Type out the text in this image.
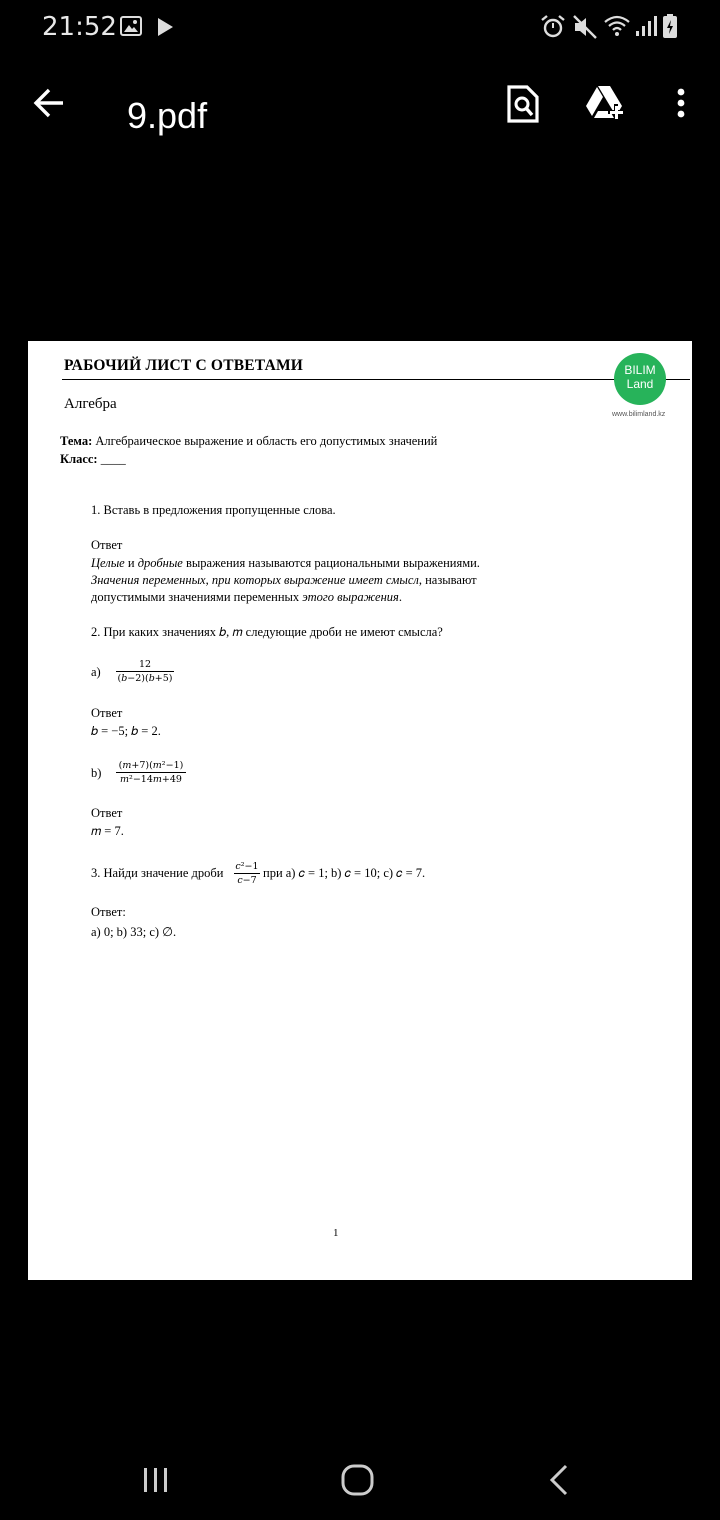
21:52
9.pdf
РАБОЧИЙ ЛИСТ С ОТВЕТАМИ	BILIM
Land
www.bilimland.kz
Алгебра
Тема: Алгебраическое выражение и область его допустимых значений
Класс: ____
1. Вставь в предложения пропущенные слова.
Ответ
Целые и дробные выражения называются рациональными выражениями.
Значения переменных, при которых выражение имеет смысл, называют
допустимыми значениями переменных этого выражения.
2. При каких значениях 𝑏, 𝑚 следующие дроби не имеют смысла?
a)
12
(𝑏−2)(𝑏+5)
Ответ
𝑏 = −5; 𝑏 = 2.
b)
(𝑚+7)(𝑚²−1)
𝑚²−14𝑚+49
Ответ
𝑚 = 7.
3. Найди значение дроби 𝑐²−1
𝑐−7
при а) 𝑐 = 1; b) 𝑐 = 10; c) 𝑐 = 7.
Ответ:
а) 0; b) 33; c) ∅.
1
